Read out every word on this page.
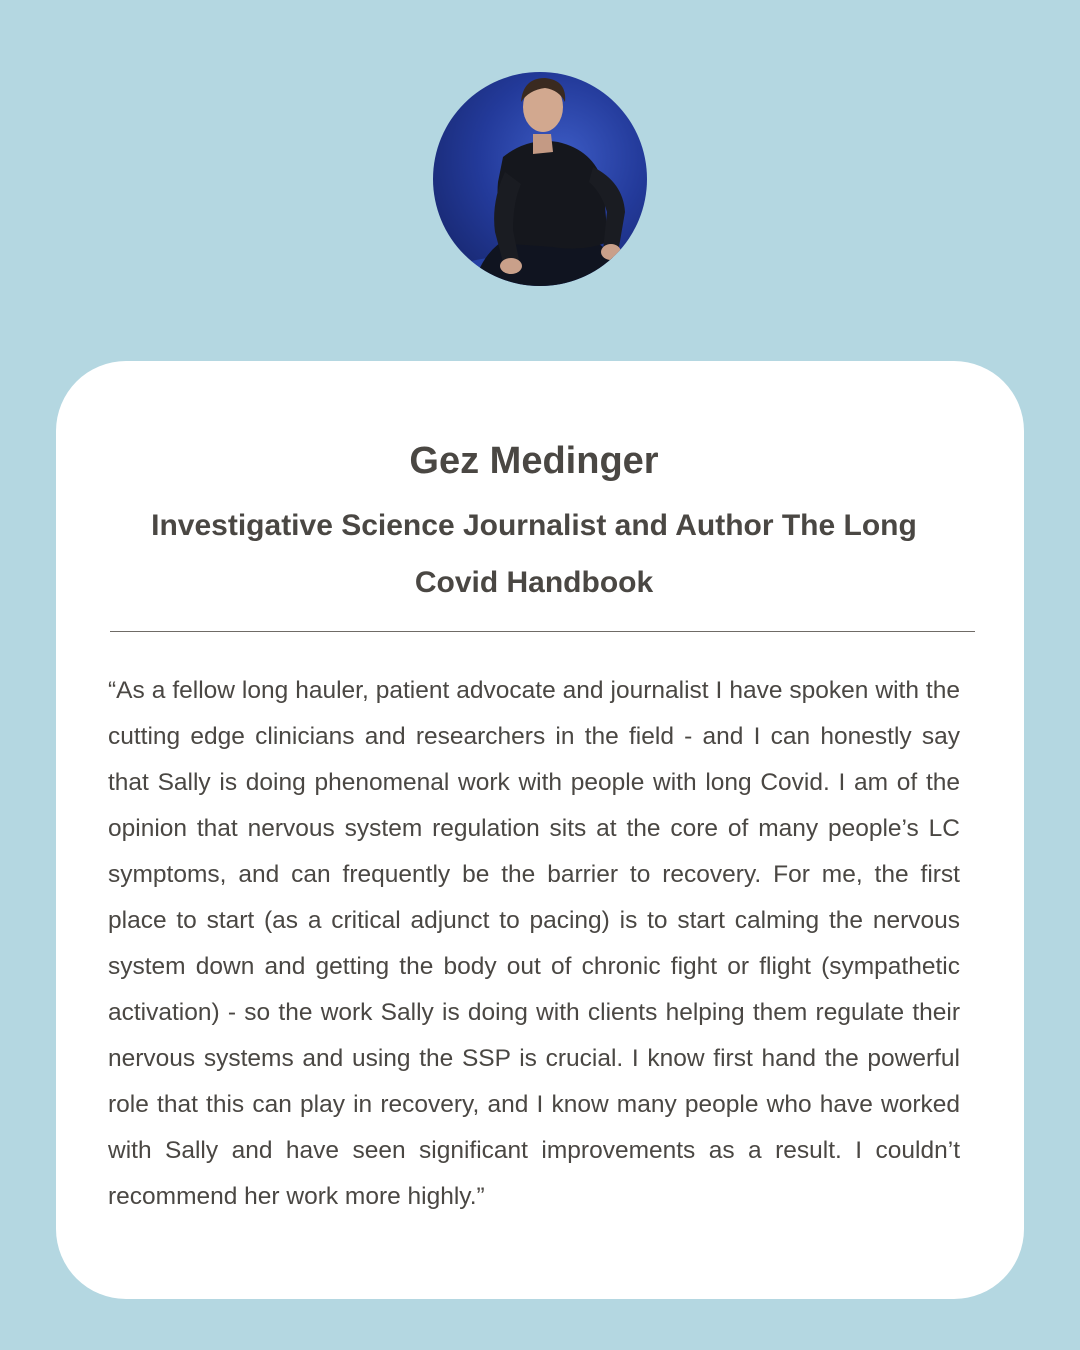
Gez Medinger
Investigative Science Journalist and Author The Long Covid Handbook

“As a fellow long hauler, patient advocate and journalist I have spoken with the cutting edge clinicians and researchers in the field - and I can honestly say that Sally is doing phenomenal work with people with long Covid. I am of the opinion that nervous system regulation sits at the core of many people’s LC symptoms, and can frequently be the barrier to recovery. For me, the first place to start (as a critical adjunct to pacing) is to start calming the nervous system down and getting the body out of chronic fight or flight (sympathetic activation) - so the work Sally is doing with clients helping them regulate their nervous systems and using the SSP is crucial. I know first hand the powerful role that this can play in recovery, and I know many people who have worked with Sally and have seen significant improvements as a result. I couldn’t recommend her work more highly.”
